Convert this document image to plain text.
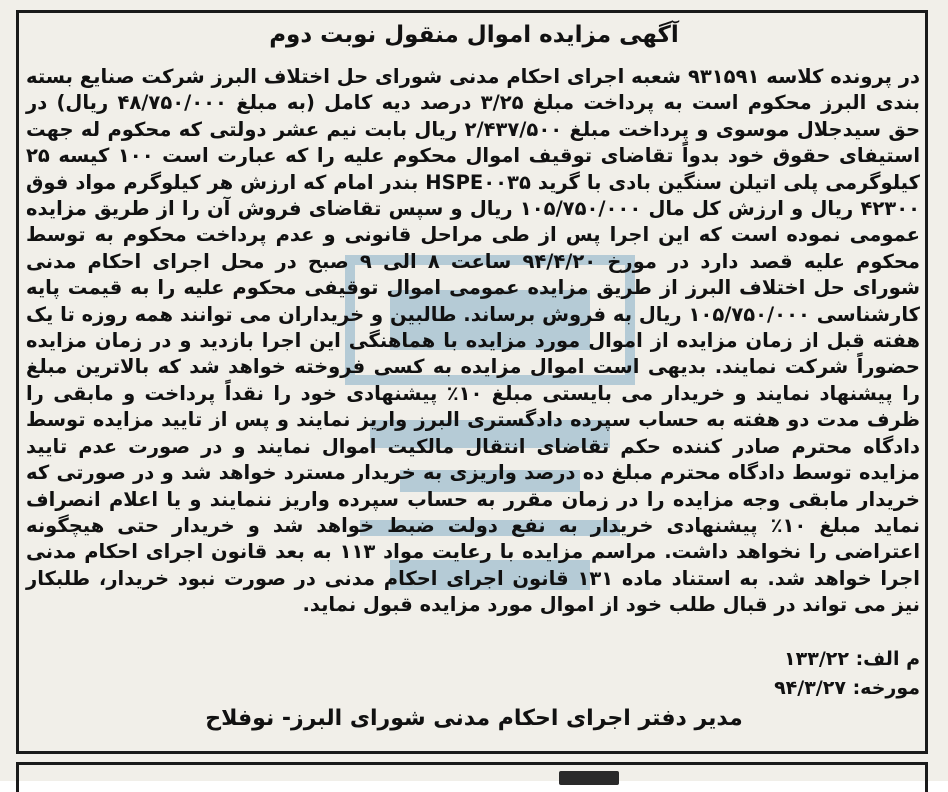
آگهی مزایده اموال منقول نوبت دوم
در پرونده کلاسه ۹۳۱۵۹۱ شعبه اجرای احکام مدنی شورای حل اختلاف البرز شرکت صنایع بسته بندی البرز محکوم است به پرداخت مبلغ ۳/۲۵ درصد دیه کامل (به مبلغ ۴۸/۷۵۰/۰۰۰ ریال) در حق سیدجلال موسوی و پرداخت مبلغ ۲/۴۳۷/۵۰۰ ریال بابت نیم عشر دولتی که محکوم له جهت استیفای حقوق خود بدواً تقاضای توقیف اموال محکوم علیه را که عبارت است ۱۰۰ کیسه ۲۵ کیلوگرمی پلی اتیلن سنگین بادی با گرید HSPE۰۰۳۵ بندر امام که ارزش هر کیلوگرم مواد فوق ۴۲۳۰۰ ریال و ارزش کل مال ۱۰۵/۷۵۰/۰۰۰ ریال و سپس تقاضای فروش آن را از طریق مزایده عمومی نموده است که این اجرا پس از طی مراحل قانونی و عدم پرداخت محکوم به توسط محکوم علیه قصد دارد در مورخ ۹۴/۴/۲۰ ساعت ۸ الی ۹ صبح در محل اجرای احکام مدنی شورای حل اختلاف البرز از طریق مزایده عمومی اموال توقیفی محکوم علیه را به قیمت پایه کارشناسی ۱۰۵/۷۵۰/۰۰۰ ریال به فروش برساند. طالبین و خریداران می توانند همه روزه تا یک هفته قبل از زمان مزایده از اموال مورد مزایده با هماهنگی این اجرا بازدید و در زمان مزایده حضوراً شرکت نمایند. بدیهی است اموال مزایده به کسی فروخته خواهد شد که بالاترین مبلغ را پیشنهاد نمایند و خریدار می بایستی مبلغ ۱۰٪ پیشنهادی خود را نقداً پرداخت و مابقی را ظرف مدت دو هفته به حساب سپرده دادگستری البرز واریز نمایند و پس از تایید مزایده توسط دادگاه محترم صادر کننده حکم تقاضای انتقال مالکیت اموال نمایند و در صورت عدم تایید مزایده توسط دادگاه محترم مبلغ ده درصد واریزی به خریدار مسترد خواهد شد و در صورتی که خریدار مابقی وجه مزایده را در زمان مقرر به حساب سپرده واریز ننمایند و یا اعلام انصراف نماید مبلغ ۱۰٪ پیشنهادی خریدار به نفع دولت ضبط خواهد شد و خریدار حتی هیچگونه اعتراضی را نخواهد داشت. مراسم مزایده با رعایت مواد ۱۱۳ به بعد قانون اجرای احکام مدنی اجرا خواهد شد. به استناد ماده ۱۳۱ قانون اجرای احکام مدنی در صورت نبود خریدار، طلبکار نیز می تواند در قبال طلب خود از اموال مورد مزایده قبول نماید.
م الف: ۱۳۳/۲۲
مورخه: ۹۴/۳/۲۷
مدیر دفتر اجرای احکام مدنی شورای البرز- نوفلاح
